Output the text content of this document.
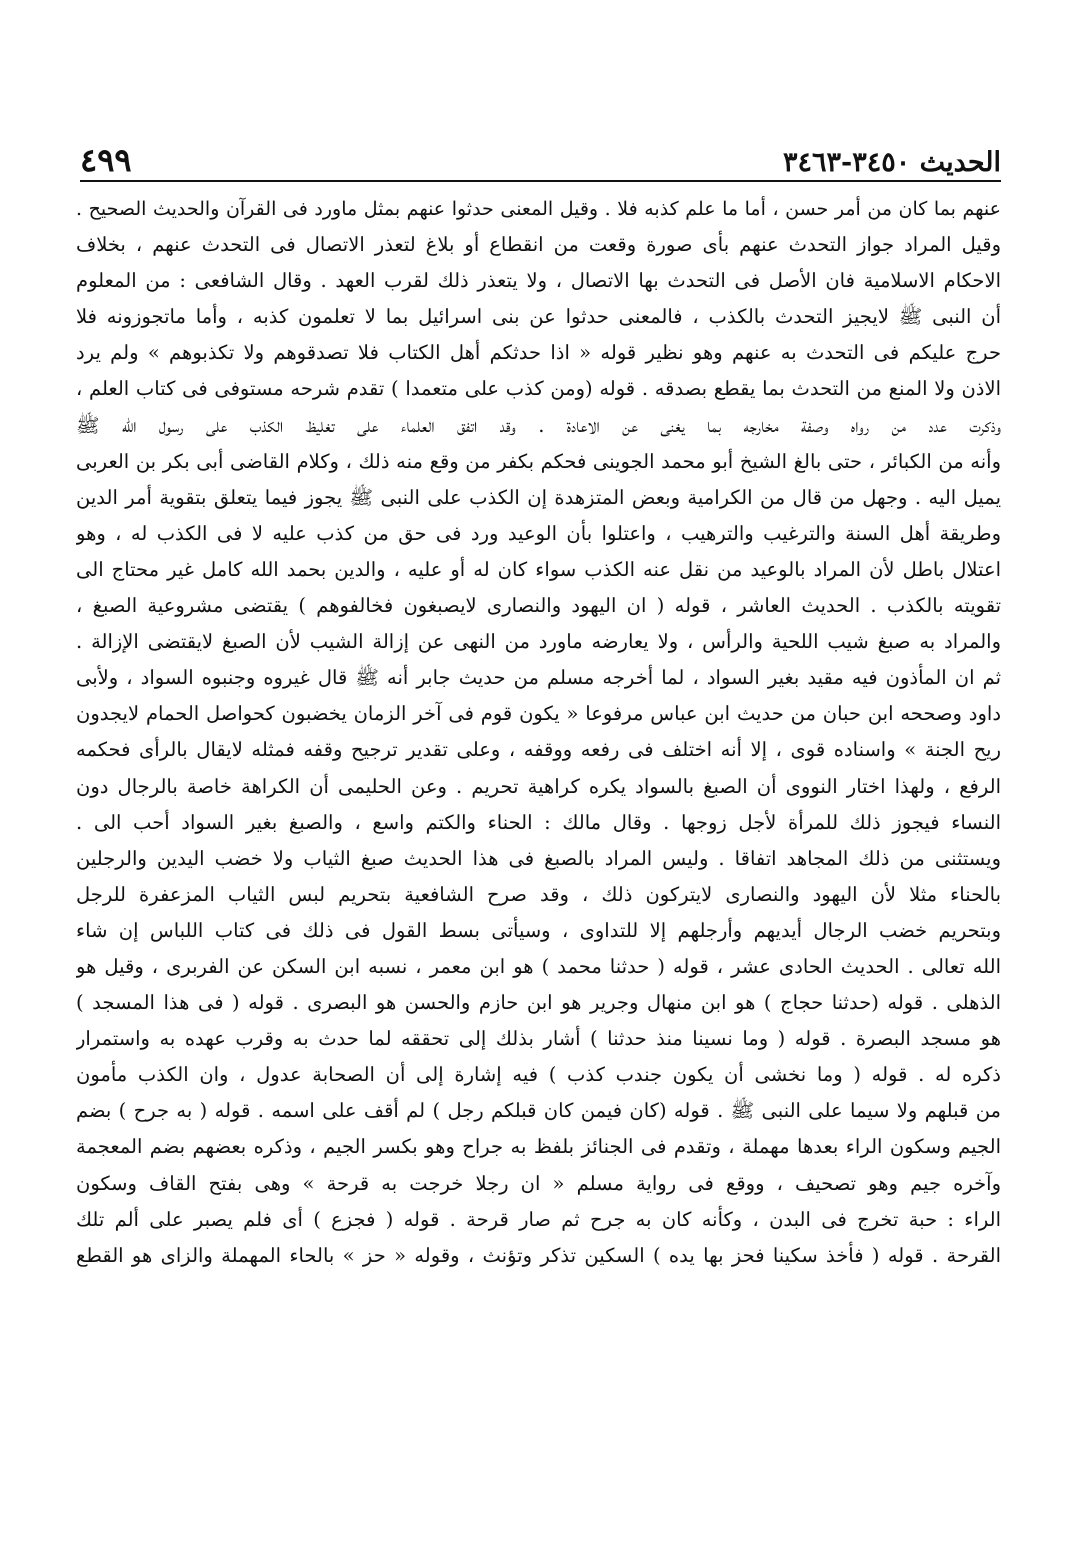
الحديث ٣٤٥٠-٣٤٦٣
٤٩٩
عنهم بما كان من أمر حسن ، أما ما علم كذبه فلا . وقيل المعنى حدثوا عنهم بمثل ماورد فى القرآن والحديث الصحيح .
وقيل المراد جواز التحدث عنهم بأى صورة وقعت من انقطاع أو بلاغ لتعذر الاتصال فى التحدث عنهم ، بخلاف
الاحكام الاسلامية فان الأصل فى التحدث بها الاتصال ، ولا يتعذر ذلك لقرب العهد . وقال الشافعى : من المعلوم
أن النبى ﷺ لايجيز التحدث بالكذب ، فالمعنى حدثوا عن بنى اسرائيل بما لا تعلمون كذبه ، وأما ماتجوزونه فلا
حرج عليكم فى التحدث به عنهم وهو نظير قوله « اذا حدثكم أهل الكتاب فلا تصدقوهم ولا تكذبوهم » ولم يرد
الاذن ولا المنع من التحدث بما يقطع بصدقه . قوله (ومن كذب على متعمدا ) تقدم شرحه مستوفى فى كتاب العلم ،
وذكرت عدد من رواه وصفة مخارجه بما يغنى عن الاعادة . وقد اتفق العلماء على تغليظ الكذب على رسول الله ﷺ
وأنه من الكبائر ، حتى بالغ الشيخ أبو محمد الجوينى فحكم بكفر من وقع منه ذلك ، وكلام القاضى أبى بكر بن العربى
يميل اليه . وجهل من قال من الكرامية وبعض المتزهدة إن الكذب على النبى ﷺ يجوز فيما يتعلق بتقوية أمر الدين
وطريقة أهل السنة والترغيب والترهيب ، واعتلوا بأن الوعيد ورد فى حق من كذب عليه لا فى الكذب له ، وهو
اعتلال باطل لأن المراد بالوعيد من نقل عنه الكذب سواء كان له أو عليه ، والدين بحمد الله كامل غير محتاج الى
تقويته بالكذب . الحديث العاشر ، قوله ( ان اليهود والنصارى لايصبغون فخالفوهم ) يقتضى مشروعية الصبغ ،
والمراد به صبغ شيب اللحية والرأس ، ولا يعارضه ماورد من النهى عن إزالة الشيب لأن الصبغ لايقتضى الإزالة .
ثم ان المأذون فيه مقيد بغير السواد ، لما أخرجه مسلم من حديث جابر أنه ﷺ قال غيروه وجنبوه السواد ، ولأبى
داود وصححه ابن حبان من حديث ابن عباس مرفوعا « يكون قوم فى آخر الزمان يخضبون كحواصل الحمام لايجدون
ريح الجنة » واسناده قوى ، إلا أنه اختلف فى رفعه ووقفه ، وعلى تقدير ترجيح وقفه فمثله لايقال بالرأى فحكمه
الرفع ، ولهذا اختار النووى أن الصبغ بالسواد يكره كراهية تحريم . وعن الحليمى أن الكراهة خاصة بالرجال دون
النساء فيجوز ذلك للمرأة لأجل زوجها . وقال مالك : الحناء والكتم واسع ، والصبغ بغير السواد أحب الى .
ويستثنى من ذلك المجاهد اتفاقا . وليس المراد بالصبغ فى هذا الحديث صبغ الثياب ولا خضب اليدين والرجلين
بالحناء مثلا لأن اليهود والنصارى لايتركون ذلك ، وقد صرح الشافعية بتحريم لبس الثياب المزعفرة للرجل
وبتحريم خضب الرجال أيديهم وأرجلهم إلا للتداوى ، وسيأتى بسط القول فى ذلك فى كتاب اللباس إن شاء
الله تعالى . الحديث الحادى عشر ، قوله ( حدثنا محمد ) هو ابن معمر ، نسبه ابن السكن عن الفربرى ، وقيل هو
الذهلى . قوله (حدثنا حجاج ) هو ابن منهال وجرير هو ابن حازم والحسن هو البصرى . قوله ( فى هذا المسجد )
هو مسجد البصرة . قوله ( وما نسينا منذ حدثنا ) أشار بذلك إلى تحققه لما حدث به وقرب عهده به واستمرار
ذكره له . قوله ( وما نخشى أن يكون جندب كذب ) فيه إشارة إلى أن الصحابة عدول ، وان الكذب مأمون
من قبلهم ولا سيما على النبى ﷺ . قوله (كان فيمن كان قبلكم رجل ) لم أقف على اسمه . قوله ( به جرح ) بضم
الجيم وسكون الراء بعدها مهملة ، وتقدم فى الجنائز بلفظ به جراح وهو بكسر الجيم ، وذكره بعضهم بضم المعجمة
وآخره جيم وهو تصحيف ، ووقع فى رواية مسلم « ان رجلا خرجت به قرحة » وهى بفتح القاف وسكون
الراء : حبة تخرج فى البدن ، وكأنه كان به جرح ثم صار قرحة . قوله ( فجزع ) أى فلم يصبر على ألم تلك
القرحة . قوله ( فأخذ سكينا فحز بها يده ) السكين تذكر وتؤنث ، وقوله « حز » بالحاء المهملة والزاى هو القطع
